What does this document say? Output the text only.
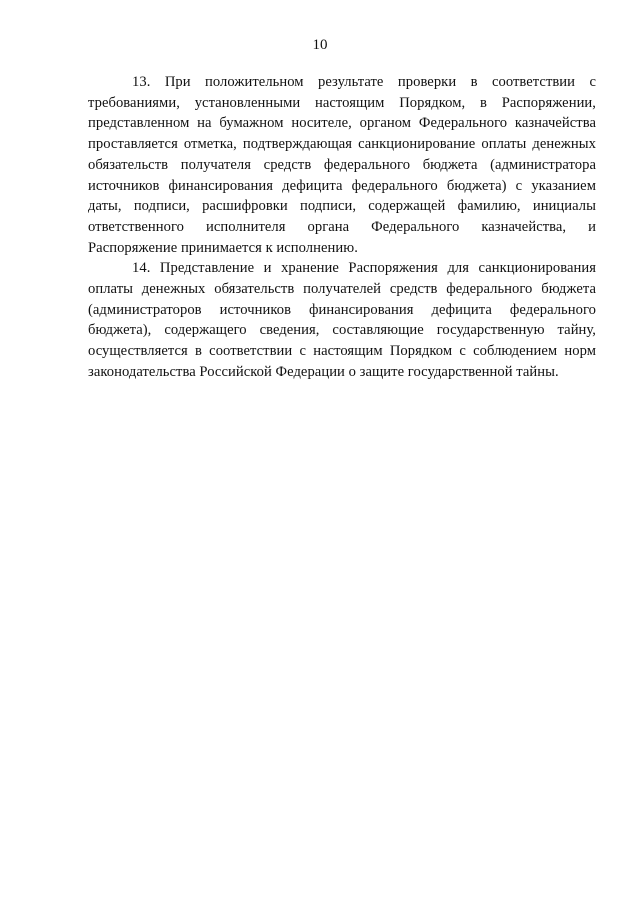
10

13. При положительном результате проверки в соответствии с требованиями, установленными настоящим Порядком, в Распоряжении, представленном на бумажном носителе, органом Федерального казначейства проставляется отметка, подтверждающая санкционирование оплаты денежных обязательств получателя средств федерального бюджета (администратора источников финансирования дефицита федерального бюджета) с указанием даты, подписи, расшифровки подписи, содержащей фамилию, инициалы ответственного исполнителя органа Федерального казначейства, и Распоряжение принимается к исполнению.

14. Представление и хранение Распоряжения для санкционирования оплаты денежных обязательств получателей средств федерального бюджета (администраторов источников финансирования дефицита федерального бюджета), содержащего сведения, составляющие государственную тайну, осуществляется в соответствии с настоящим Порядком с соблюдением норм законодательства Российской Федерации о защите государственной тайны.
